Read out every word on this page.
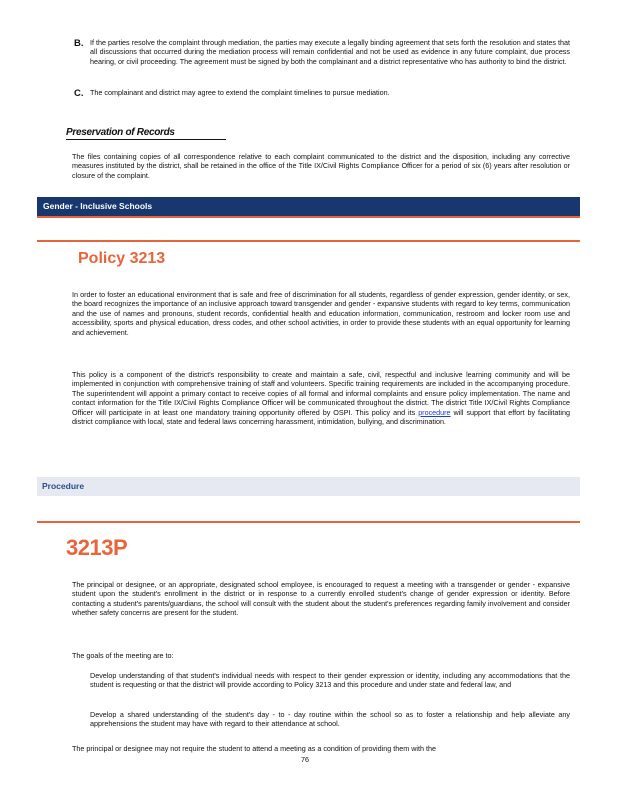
B. If the parties resolve the complaint through mediation, the parties may execute a legally binding agreement that sets forth the resolution and states that all discussions that occurred during the mediation process will remain confidential and not be used as evidence in any future complaint, due process hearing, or civil proceeding. The agreement must be signed by both the complainant and a district representative who has authority to bind the district.
C. The complainant and district may agree to extend the complaint timelines to pursue mediation.
Preservation of Records
The files containing copies of all correspondence relative to each complaint communicated to the district and the disposition, including any corrective measures instituted by the district, shall be retained in the office of the Title IX/Civil Rights Compliance Officer for a period of six (6) years after resolution or closure of the complaint.
Gender - Inclusive Schools
Policy 3213
In order to foster an educational environment that is safe and free of discrimination for all students, regardless of gender expression, gender identity, or sex, the board recognizes the importance of an inclusive approach toward transgender and gender - expansive students with regard to key terms, communication and the use of names and pronouns, student records, confidential health and education information, communication, restroom and locker room use and accessibility, sports and physical education, dress codes, and other school activities, in order to provide these students with an equal opportunity for learning and achievement.
This policy is a component of the district's responsibility to create and maintain a safe, civil, respectful and inclusive learning community and will be implemented in conjunction with comprehensive training of staff and volunteers. Specific training requirements are included in the accompanying procedure. The superintendent will appoint a primary contact to receive copies of all formal and informal complaints and ensure policy implementation. The name and contact information for the Title IX/Civil Rights Compliance Officer will be communicated throughout the district. The district Title IX/Civil Rights Compliance Officer will participate in at least one mandatory training opportunity offered by OSPI. This policy and its procedure will support that effort by facilitating district compliance with local, state and federal laws concerning harassment, intimidation, bullying, and discrimination.
Procedure
3213P
The principal or designee, or an appropriate, designated school employee, is encouraged to request a meeting with a transgender or gender - expansive student upon the student's enrollment in the district or in response to a currently enrolled student's change of gender expression or identity. Before contacting a student's parents/guardians, the school will consult with the student about the student's preferences regarding family involvement and consider whether safety concerns are present for the student.
The goals of the meeting are to:
Develop understanding of that student's individual needs with respect to their gender expression or identity, including any accommodations that the student is requesting or that the district will provide according to Policy 3213 and this procedure and under state and federal law, and
Develop a shared understanding of the student's day - to - day routine within the school so as to foster a relationship and help alleviate any apprehensions the student may have with regard to their attendance at school.
The principal or designee may not require the student to attend a meeting as a condition of providing them with the
76
